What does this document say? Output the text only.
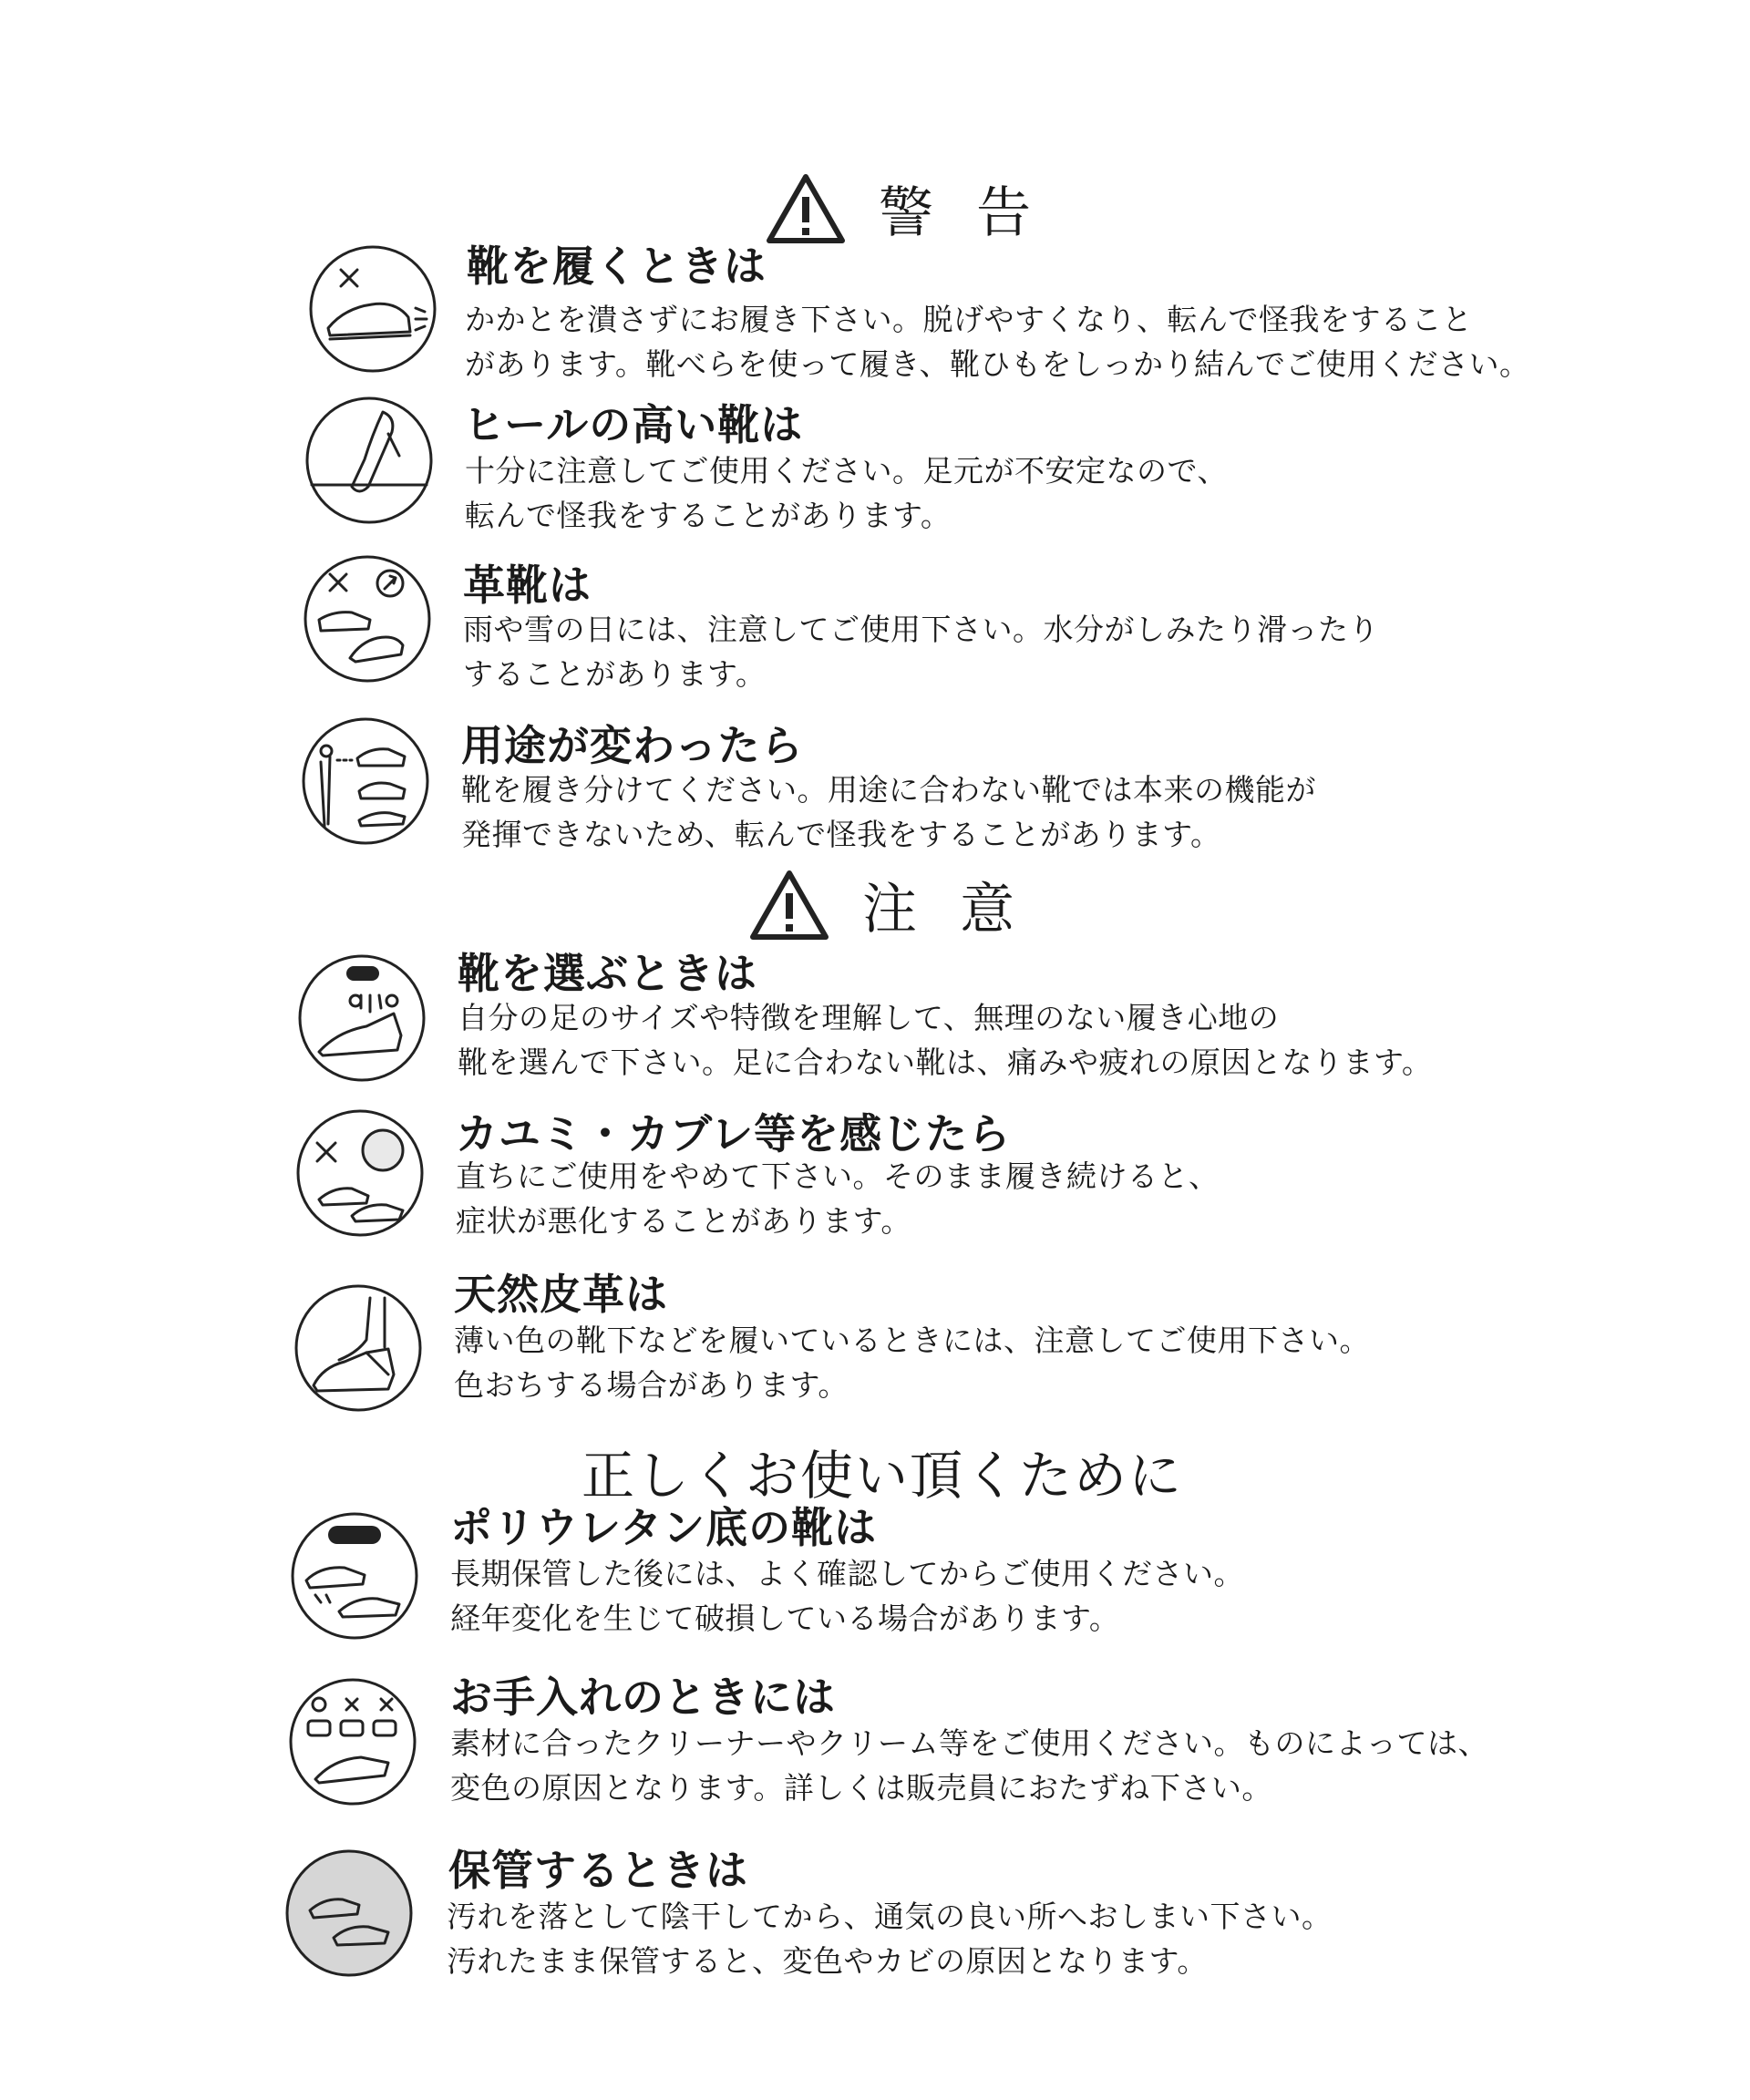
警 告
靴を履くときは
かかとを潰さずにお履き下さい。脱げやすくなり、転んで怪我をすること
があります。靴べらを使って履き、靴ひもをしっかり結んでご使用ください。
ヒールの高い靴は
十分に注意してご使用ください。足元が不安定なので、
転んで怪我をすることがあります。
革靴は
雨や雪の日には、注意してご使用下さい。水分がしみたり滑ったり
することがあります。
用途が変わったら
靴を履き分けてください。用途に合わない靴では本来の機能が
発揮できないため、転んで怪我をすることがあります。
注 意
靴を選ぶときは
自分の足のサイズや特徴を理解して、無理のない履き心地の
靴を選んで下さい。足に合わない靴は、痛みや疲れの原因となります。
カユミ・カブレ等を感じたら
直ちにご使用をやめて下さい。そのまま履き続けると、
症状が悪化することがあります。
天然皮革は
薄い色の靴下などを履いているときには、注意してご使用下さい。
色おちする場合があります。
正しくお使い頂くために
ポリウレタン底の靴は
長期保管した後には、よく確認してからご使用ください。
経年変化を生じて破損している場合があります。
お手入れのときには
素材に合ったクリーナーやクリーム等をご使用ください。ものによっては、
変色の原因となります。詳しくは販売員におたずね下さい。
保管するときは
汚れを落として陰干してから、通気の良い所へおしまい下さい。
汚れたまま保管すると、変色やカビの原因となります。
